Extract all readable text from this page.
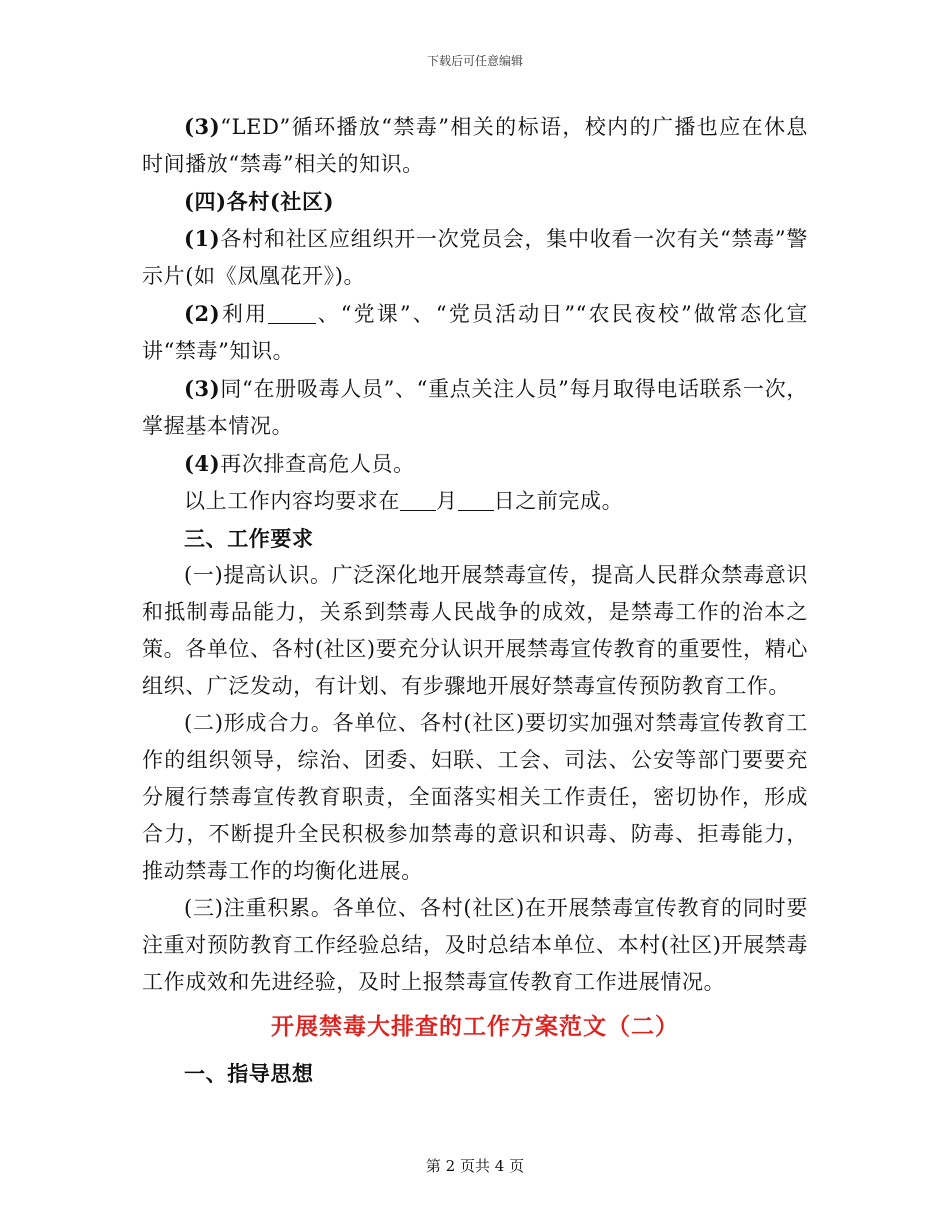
下载后可任意编辑

(3)“LED”循环播放“禁毒”相关的标语，校内的广播也应在休息时间播放“禁毒”相关的知识。

(四)各村(社区)

(1)各村和社区应组织开一次党员会，集中收看一次有关“禁毒”警示片(如《凤凰花开》)。

(2)利用 、“党课”、“党员活动日”“农民夜校”做常态化宣讲“禁毒”知识。

(3)同“在册吸毒人员”、“重点关注人员”每月取得电话联系一次，掌握基本情况。

(4)再次排查高危人员。

以上工作内容均要求在 月 日之前完成。

三、工作要求

(一)提高认识。广泛深化地开展禁毒宣传，提高人民群众禁毒意识和抵制毒品能力，关系到禁毒人民战争的成效，是禁毒工作的治本之策。各单位、各村(社区)要充分认识开展禁毒宣传教育的重要性，精心组织、广泛发动，有计划、有步骤地开展好禁毒宣传预防教育工作。

(二)形成合力。各单位、各村(社区)要切实加强对禁毒宣传教育工作的组织领导，综治、团委、妇联、工会、司法、公安等部门要要充分履行禁毒宣传教育职责，全面落实相关工作责任，密切协作，形成合力，不断提升全民积极参加禁毒的意识和识毒、防毒、拒毒能力，推动禁毒工作的均衡化进展。

(三)注重积累。各单位、各村(社区)在开展禁毒宣传教育的同时要注重对预防教育工作经验总结，及时总结本单位、本村(社区)开展禁毒工作成效和先进经验，及时上报禁毒宣传教育工作进展情况。

开展禁毒大排查的工作方案范文（二）

一、指导思想

第 2 页共 4 页
